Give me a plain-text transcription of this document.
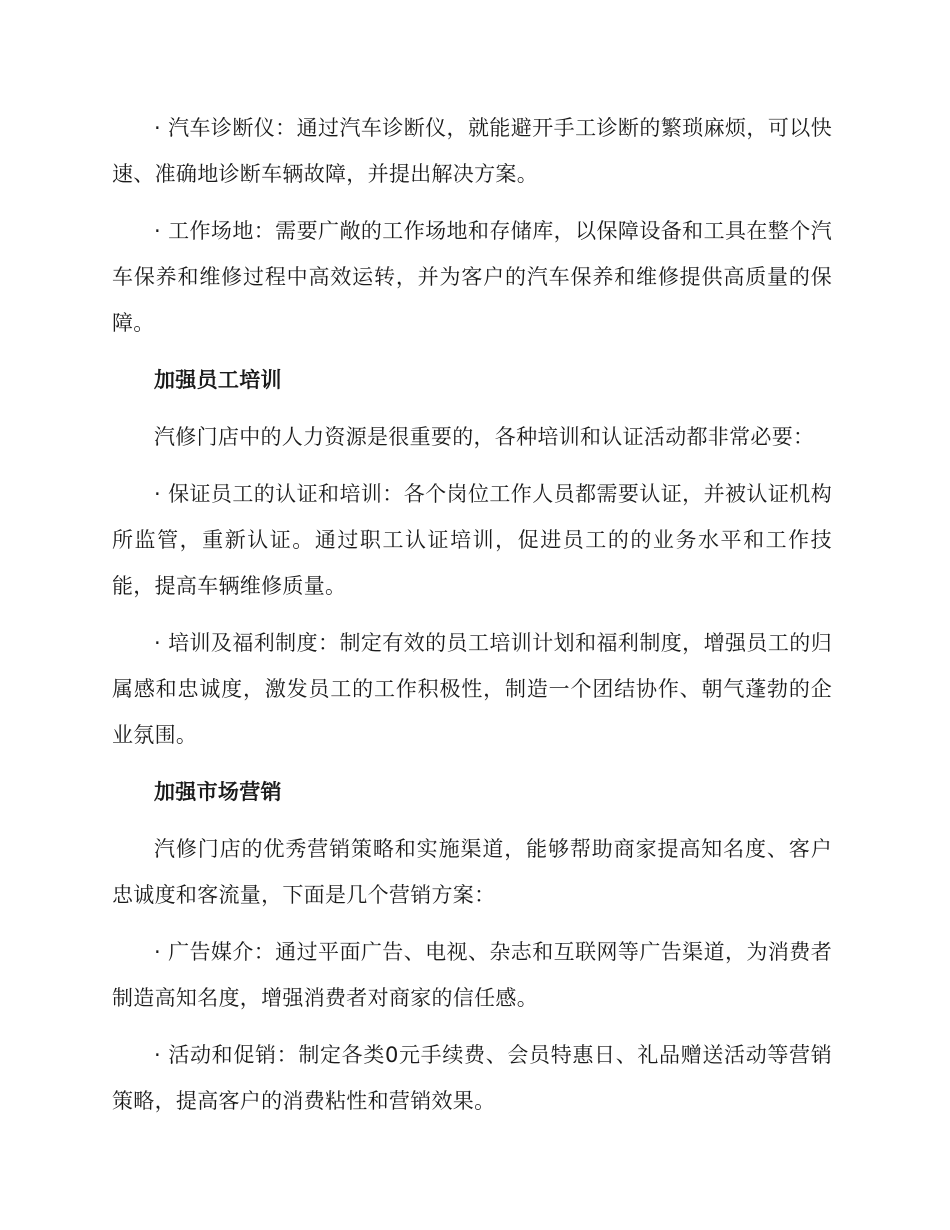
· 汽车诊断仪：通过汽车诊断仪，就能避开手工诊断的繁琐麻烦，可以快速、准确地诊断车辆故障，并提出解决方案。

· 工作场地：需要广敞的工作场地和存储库，以保障设备和工具在整个汽车保养和维修过程中高效运转，并为客户的汽车保养和维修提供高质量的保障。

加强员工培训

汽修门店中的人力资源是很重要的，各种培训和认证活动都非常必要：

· 保证员工的认证和培训：各个岗位工作人员都需要认证，并被认证机构所监管，重新认证。通过职工认证培训，促进员工的的业务水平和工作技能，提高车辆维修质量。

· 培训及福利制度：制定有效的员工培训计划和福利制度，增强员工的归属感和忠诚度，激发员工的工作积极性，制造一个团结协作、朝气蓬勃的企业氛围。

加强市场营销

汽修门店的优秀营销策略和实施渠道，能够帮助商家提高知名度、客户忠诚度和客流量，下面是几个营销方案：

· 广告媒介：通过平面广告、电视、杂志和互联网等广告渠道，为消费者制造高知名度，增强消费者对商家的信任感。

· 活动和促销：制定各类0元手续费、会员特惠日、礼品赠送活动等营销策略，提高客户的消费粘性和营销效果。
